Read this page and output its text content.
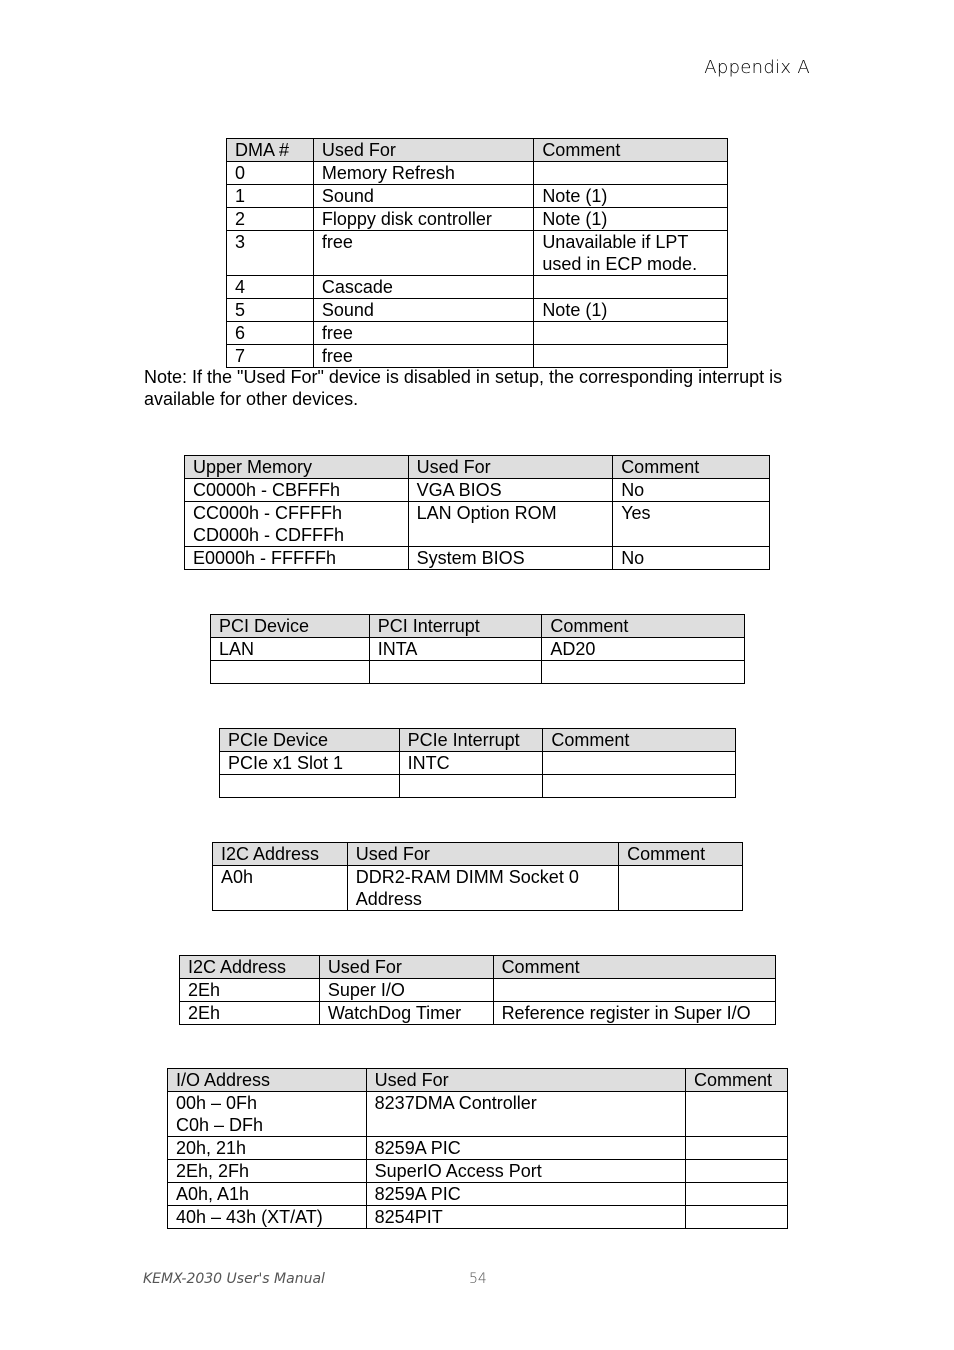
Appendix A
DMA #	Used For	Comment
0	Memory Refresh	
1	Sound	Note (1)
2	Floppy disk controller	Note (1)
3	free	Unavailable if LPT
used in ECP mode.
4	Cascade	
5	Sound	Note (1)
6	free	
7	free	
Note: If the "Used For" device is disabled in setup, the corresponding interrupt is available for other devices.
Upper Memory	Used For	Comment
C0000h - CBFFFh	VGA BIOS	No
CC000h - CFFFFh
CD000h - CDFFFh	LAN Option ROM	Yes
E0000h - FFFFFh	System BIOS	No
PCI Device	PCI Interrupt	Comment
LAN	INTA	AD20

PCIe Device	PCIe Interrupt	Comment
PCIe x1 Slot 1	INTC	

I2C Address	Used For	Comment
A0h	DDR2-RAM DIMM Socket 0
Address	
I2C Address	Used For	Comment
2Eh	Super I/O	
2Eh	WatchDog Timer	Reference register in Super I/O
I/O Address	Used For	Comment
00h – 0Fh
C0h – DFh	8237DMA Controller	
20h, 21h	8259A PIC	
2Eh, 2Fh	SuperIO Access Port	
A0h, A1h	8259A PIC	
40h – 43h (XT/AT)	8254PIT	
KEMX-2030 User's Manual	54
